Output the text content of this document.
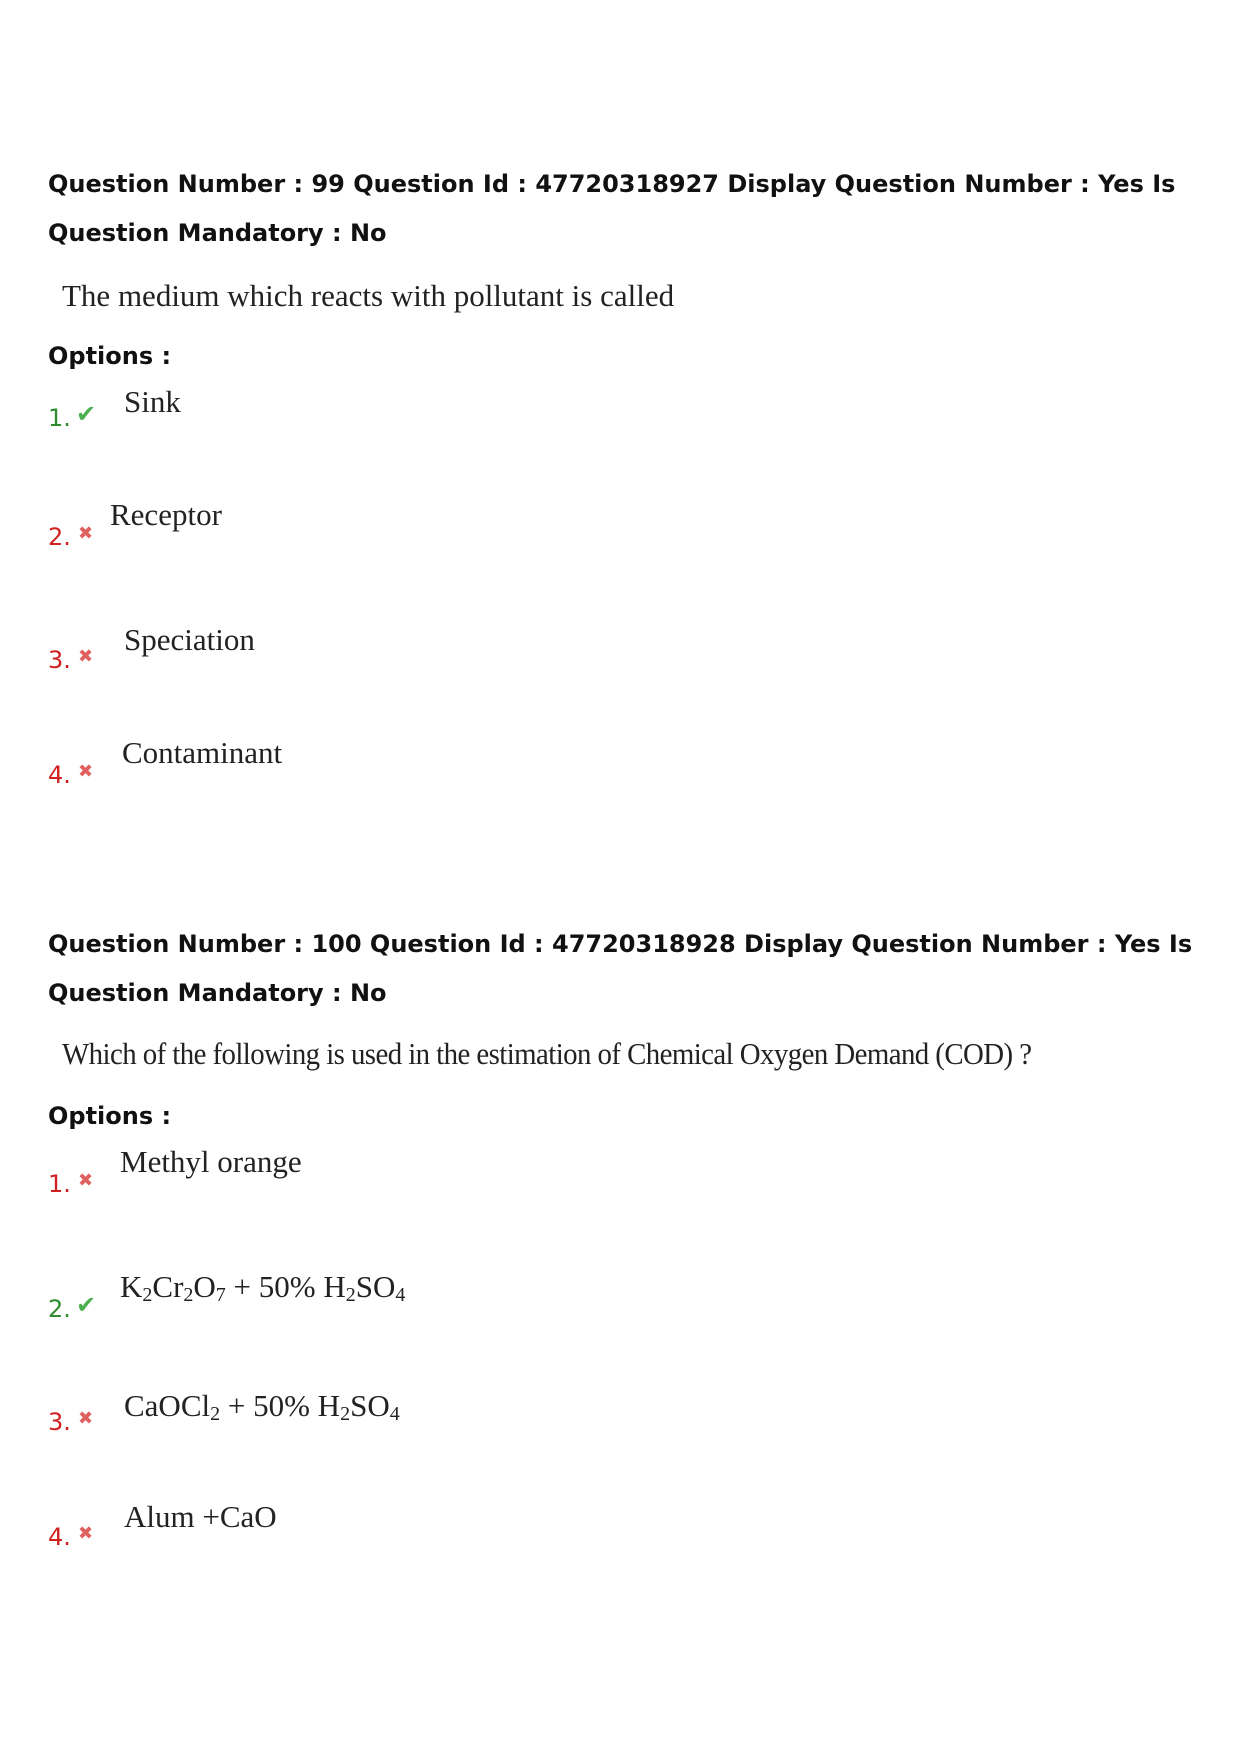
Question Number : 99 Question Id : 47720318927 Display Question Number : Yes Is Question Mandatory : No
The medium which reacts with pollutant is called
Options :
1. ✔ Sink
2. ✖
Receptor
3. ✖ Speciation
4. ✖
Contaminant
Question Number : 100 Question Id : 47720318928 Display Question Number : Yes Is Question Mandatory : No
Which of the following is used in the estimation of Chemical Oxygen Demand (COD) ?
Options :
1. ✖
Methyl orange
2. ✔
$K_2Cr_2O_7 + 50\%$ $H_2SO_4$
3. ✖ CaOCl$_2$ + 50% $H_2SO_4$
4. ✖ Alum +CaO
